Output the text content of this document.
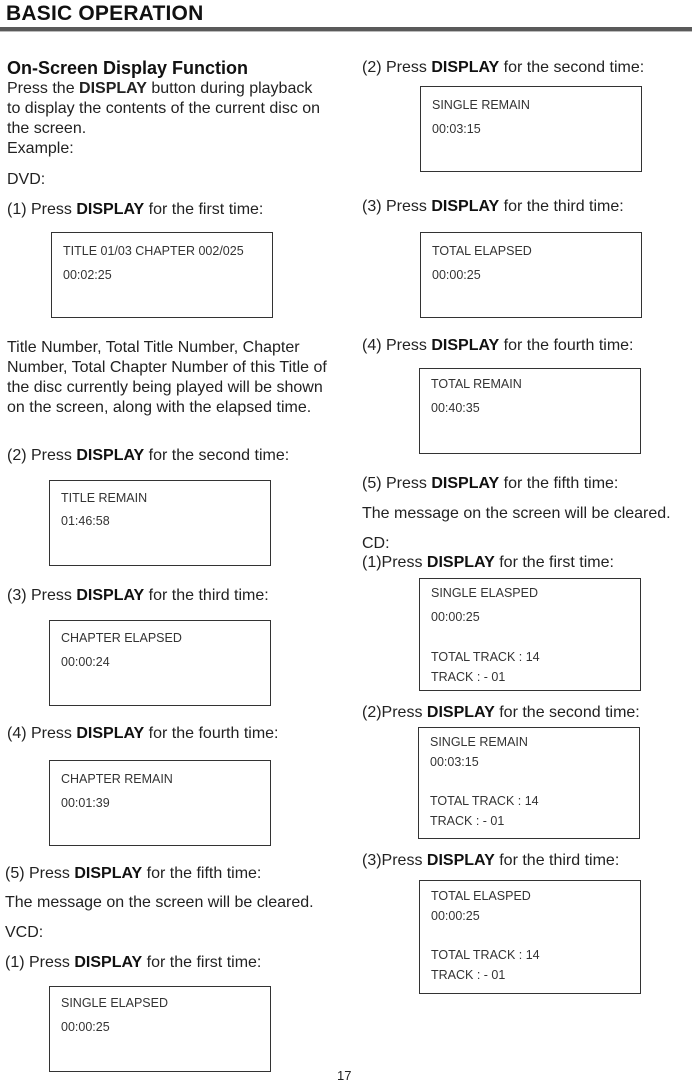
BASIC OPERATION
On-Screen Display Function

Press the DISPLAY button during playback to display the contents of the current disc on the screen.

Example:

DVD:

(1) Press DISPLAY for the first time:

TITLE 01/03 CHAPTER 002/025

00:02:25

Title Number, Total Title Number, Chapter Number, Total Chapter Number of this Title of the disc currently being played will be shown on the screen, along with the elapsed time.

(2) Press DISPLAY for the second time:

TITLE REMAIN

01:46:58

(3) Press DISPLAY for the third time:

CHAPTER ELAPSED

00:00:24

(4) Press DISPLAY for the fourth time:

CHAPTER REMAIN

00:01:39

(5) Press DISPLAY for the fifth time:

The message on the screen will be cleared.

VCD:

(1) Press DISPLAY for the first time:

SINGLE ELAPSED

00:00:25

(2) Press DISPLAY for the second time:

SINGLE REMAIN

00:03:15

(3) Press DISPLAY for the third time:

TOTAL ELAPSED

00:00:25

(4) Press DISPLAY for the fourth time:

TOTAL REMAIN

00:40:35

(5) Press DISPLAY for the fifth time:

The message on the screen will be cleared.

CD:

(1)Press DISPLAY for the first time:

SINGLE ELASPED

00:00:25

TOTAL TRACK : 14

TRACK : - 01

(2)Press DISPLAY for the second time:

SINGLE REMAIN

00:03:15

TOTAL TRACK : 14

TRACK : - 01

(3)Press DISPLAY for the third time:

TOTAL ELASPED

00:00:25

TOTAL TRACK : 14

TRACK : - 01

17
